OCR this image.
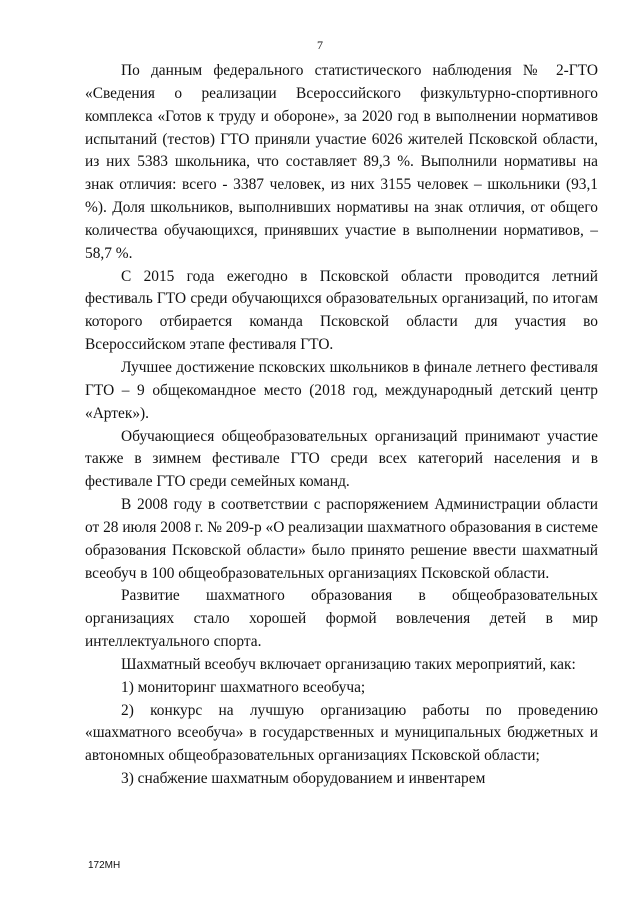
7

По данным федерального статистического наблюдения № 2-ГТО «Сведения о реализации Всероссийского физкультурно-спортивного комплекса «Готов к труду и обороне», за 2020 год в выполнении нормативов испытаний (тестов) ГТО приняли участие 6026 жителей Псковской области, из них 5383 школьника, что составляет 89,3 %. Выполнили нормативы на знак отличия: всего - 3387 человек, из них 3155 человек – школьники (93,1 %). Доля школьников, выполнивших нормативы на знак отличия, от общего количества обучающихся, принявших участие в выполнении нормативов, – 58,7 %.

С 2015 года ежегодно в Псковской области проводится летний фестиваль ГТО среди обучающихся образовательных организаций, по итогам которого отбирается команда Псковской области для участия во Всероссийском этапе фестиваля ГТО.

Лучшее достижение псковских школьников в финале летнего фестиваля ГТО – 9 общекомандное место (2018 год, международный детский центр «Артек»).

Обучающиеся общеобразовательных организаций принимают участие также в зимнем фестивале ГТО среди всех категорий населения и в фестивале ГТО среди семейных команд.

В 2008 году в соответствии с распоряжением Администрации области от 28 июля 2008 г. № 209-р «О реализации шахматного образования в системе образования Псковской области» было принято решение ввести шахматный всеобуч в 100 общеобразовательных организациях Псковской области.

Развитие шахматного образования в общеобразовательных организациях стало хорошей формой вовлечения детей в мир интеллектуального спорта.

Шахматный всеобуч включает организацию таких мероприятий, как:

1) мониторинг шахматного всеобуча;

2) конкурс на лучшую организацию работы по проведению «шахматного всеобуча» в государственных и муниципальных бюджетных и автономных общеобразовательных организациях Псковской области;

3) снабжение шахматным оборудованием и инвентарем

172МН
